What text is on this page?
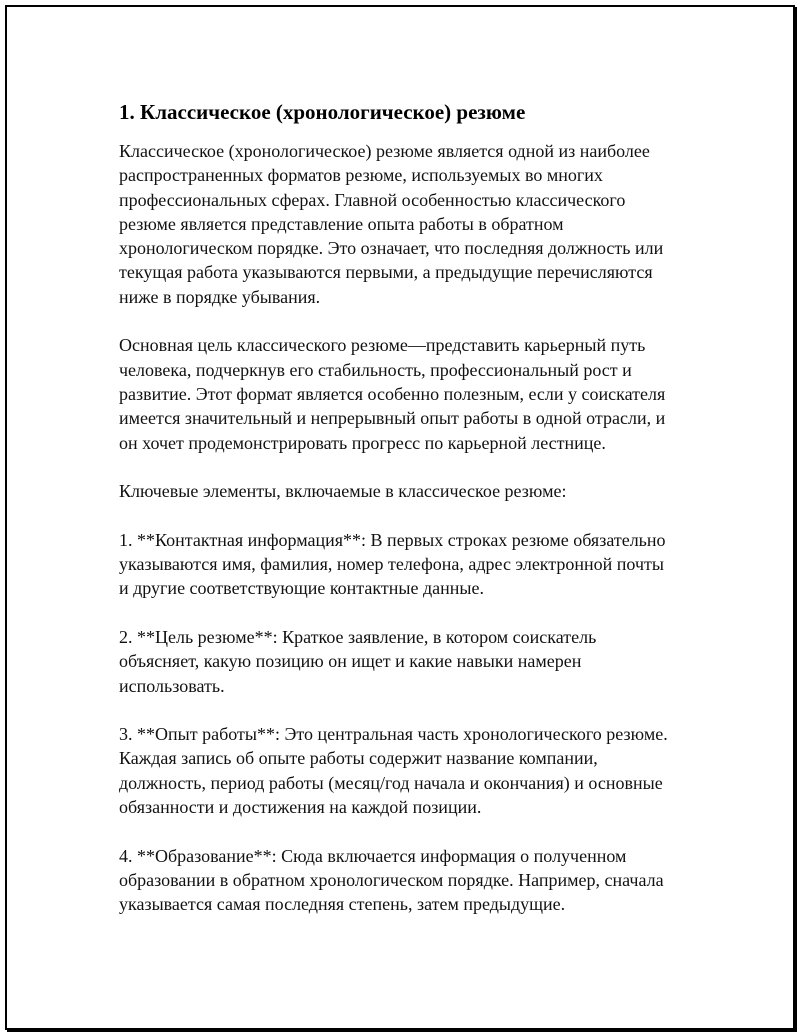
1. Классическое (хронологическое) резюме

Классическое (хронологическое) резюме является одной из наиболее
распространенных форматов резюме, используемых во многих
профессиональных сферах. Главной особенностью классического
резюме является представление опыта работы в обратном
хронологическом порядке. Это означает, что последняя должность или
текущая работа указываются первыми, а предыдущие перечисляются
ниже в порядке убывания.

Основная цель классического резюме—представить карьерный путь
человека, подчеркнув его стабильность, профессиональный рост и
развитие. Этот формат является особенно полезным, если у соискателя
имеется значительный и непрерывный опыт работы в одной отрасли, и
он хочет продемонстрировать прогресс по карьерной лестнице.

Ключевые элементы, включаемые в классическое резюме:

1. **Контактная информация**: В первых строках резюме обязательно
указываются имя, фамилия, номер телефона, адрес электронной почты
и другие соответствующие контактные данные.

2. **Цель резюме**: Краткое заявление, в котором соискатель
объясняет, какую позицию он ищет и какие навыки намерен
использовать.

3. **Опыт работы**: Это центральная часть хронологического резюме.
Каждая запись об опыте работы содержит название компании,
должность, период работы (месяц/год начала и окончания) и основные
обязанности и достижения на каждой позиции.

4. **Образование**: Сюда включается информация о полученном
образовании в обратном хронологическом порядке. Например, сначала
указывается самая последняя степень, затем предыдущие.
